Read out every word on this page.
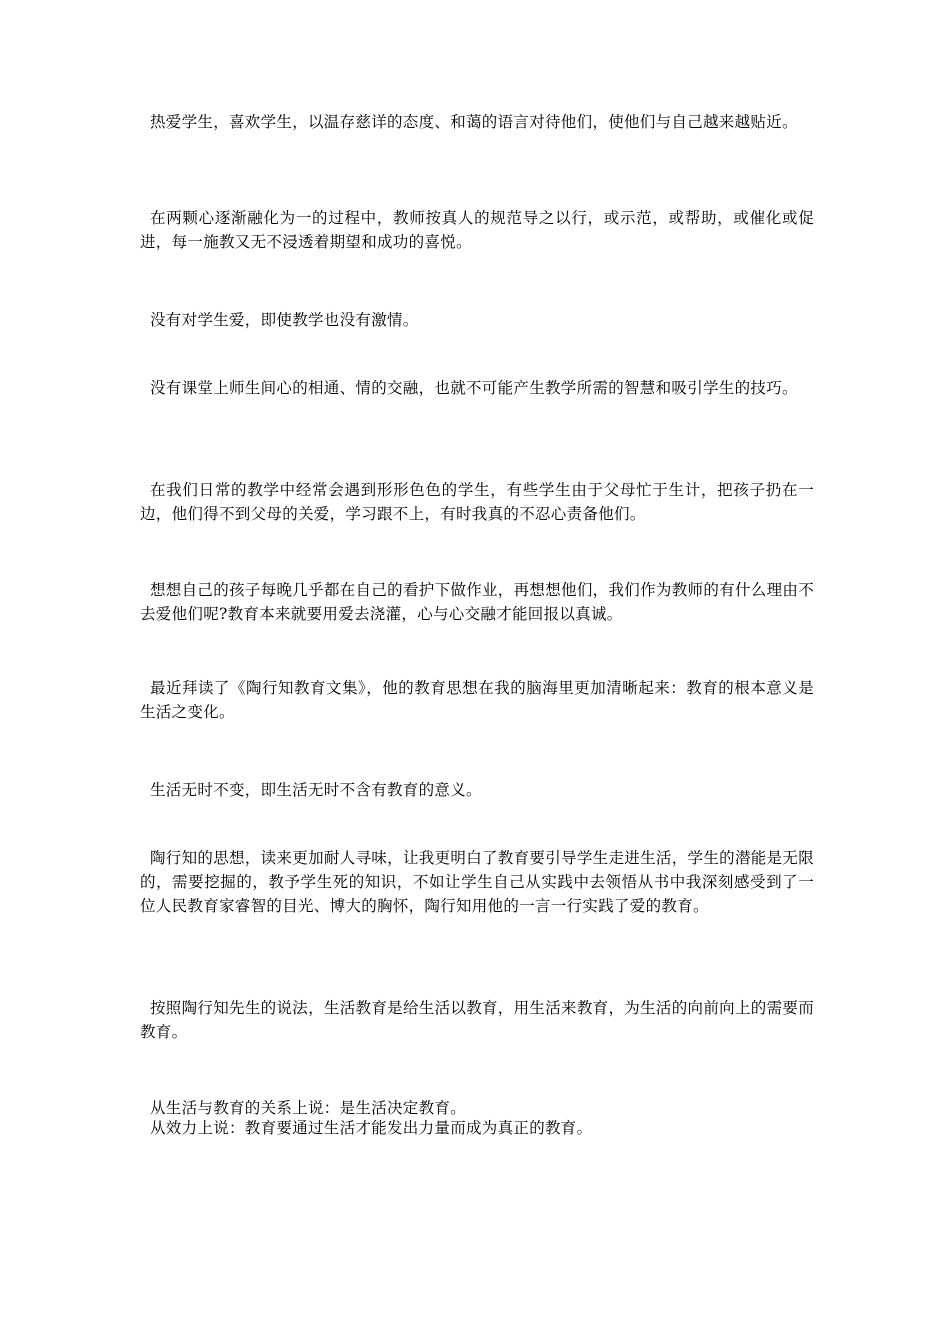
热爱学生，喜欢学生，以温存慈详的态度、和蔼的语言对待他们，使他们与自己越来越贴近。

在两颗心逐渐融化为一的过程中，教师按真人的规范导之以行，或示范，或帮助，或催化或促进，每一施教又无不浸透着期望和成功的喜悦。

没有对学生爱，即使教学也没有激情。

没有课堂上师生间心的相通、情的交融，也就不可能产生教学所需的智慧和吸引学生的技巧。

在我们日常的教学中经常会遇到形形色色的学生，有些学生由于父母忙于生计，把孩子扔在一边，他们得不到父母的关爱，学习跟不上，有时我真的不忍心责备他们。

想想自己的孩子每晚几乎都在自己的看护下做作业，再想想他们，我们作为教师的有什么理由不去爱他们呢?教育本来就要用爱去浇灌，心与心交融才能回报以真诚。

最近拜读了《陶行知教育文集》，他的教育思想在我的脑海里更加清晰起来：教育的根本意义是生活之变化。

生活无时不变，即生活无时不含有教育的意义。

陶行知的思想，读来更加耐人寻味，让我更明白了教育要引导学生走进生活，学生的潜能是无限的，需要挖掘的，教予学生死的知识，不如让学生自己从实践中去领悟从书中我深刻感受到了一位人民教育家睿智的目光、博大的胸怀，陶行知用他的一言一行实践了爱的教育。

按照陶行知先生的说法，生活教育是给生活以教育，用生活来教育，为生活的向前向上的需要而教育。

从生活与教育的关系上说：是生活决定教育。
从效力上说：教育要通过生活才能发出力量而成为真正的教育。
